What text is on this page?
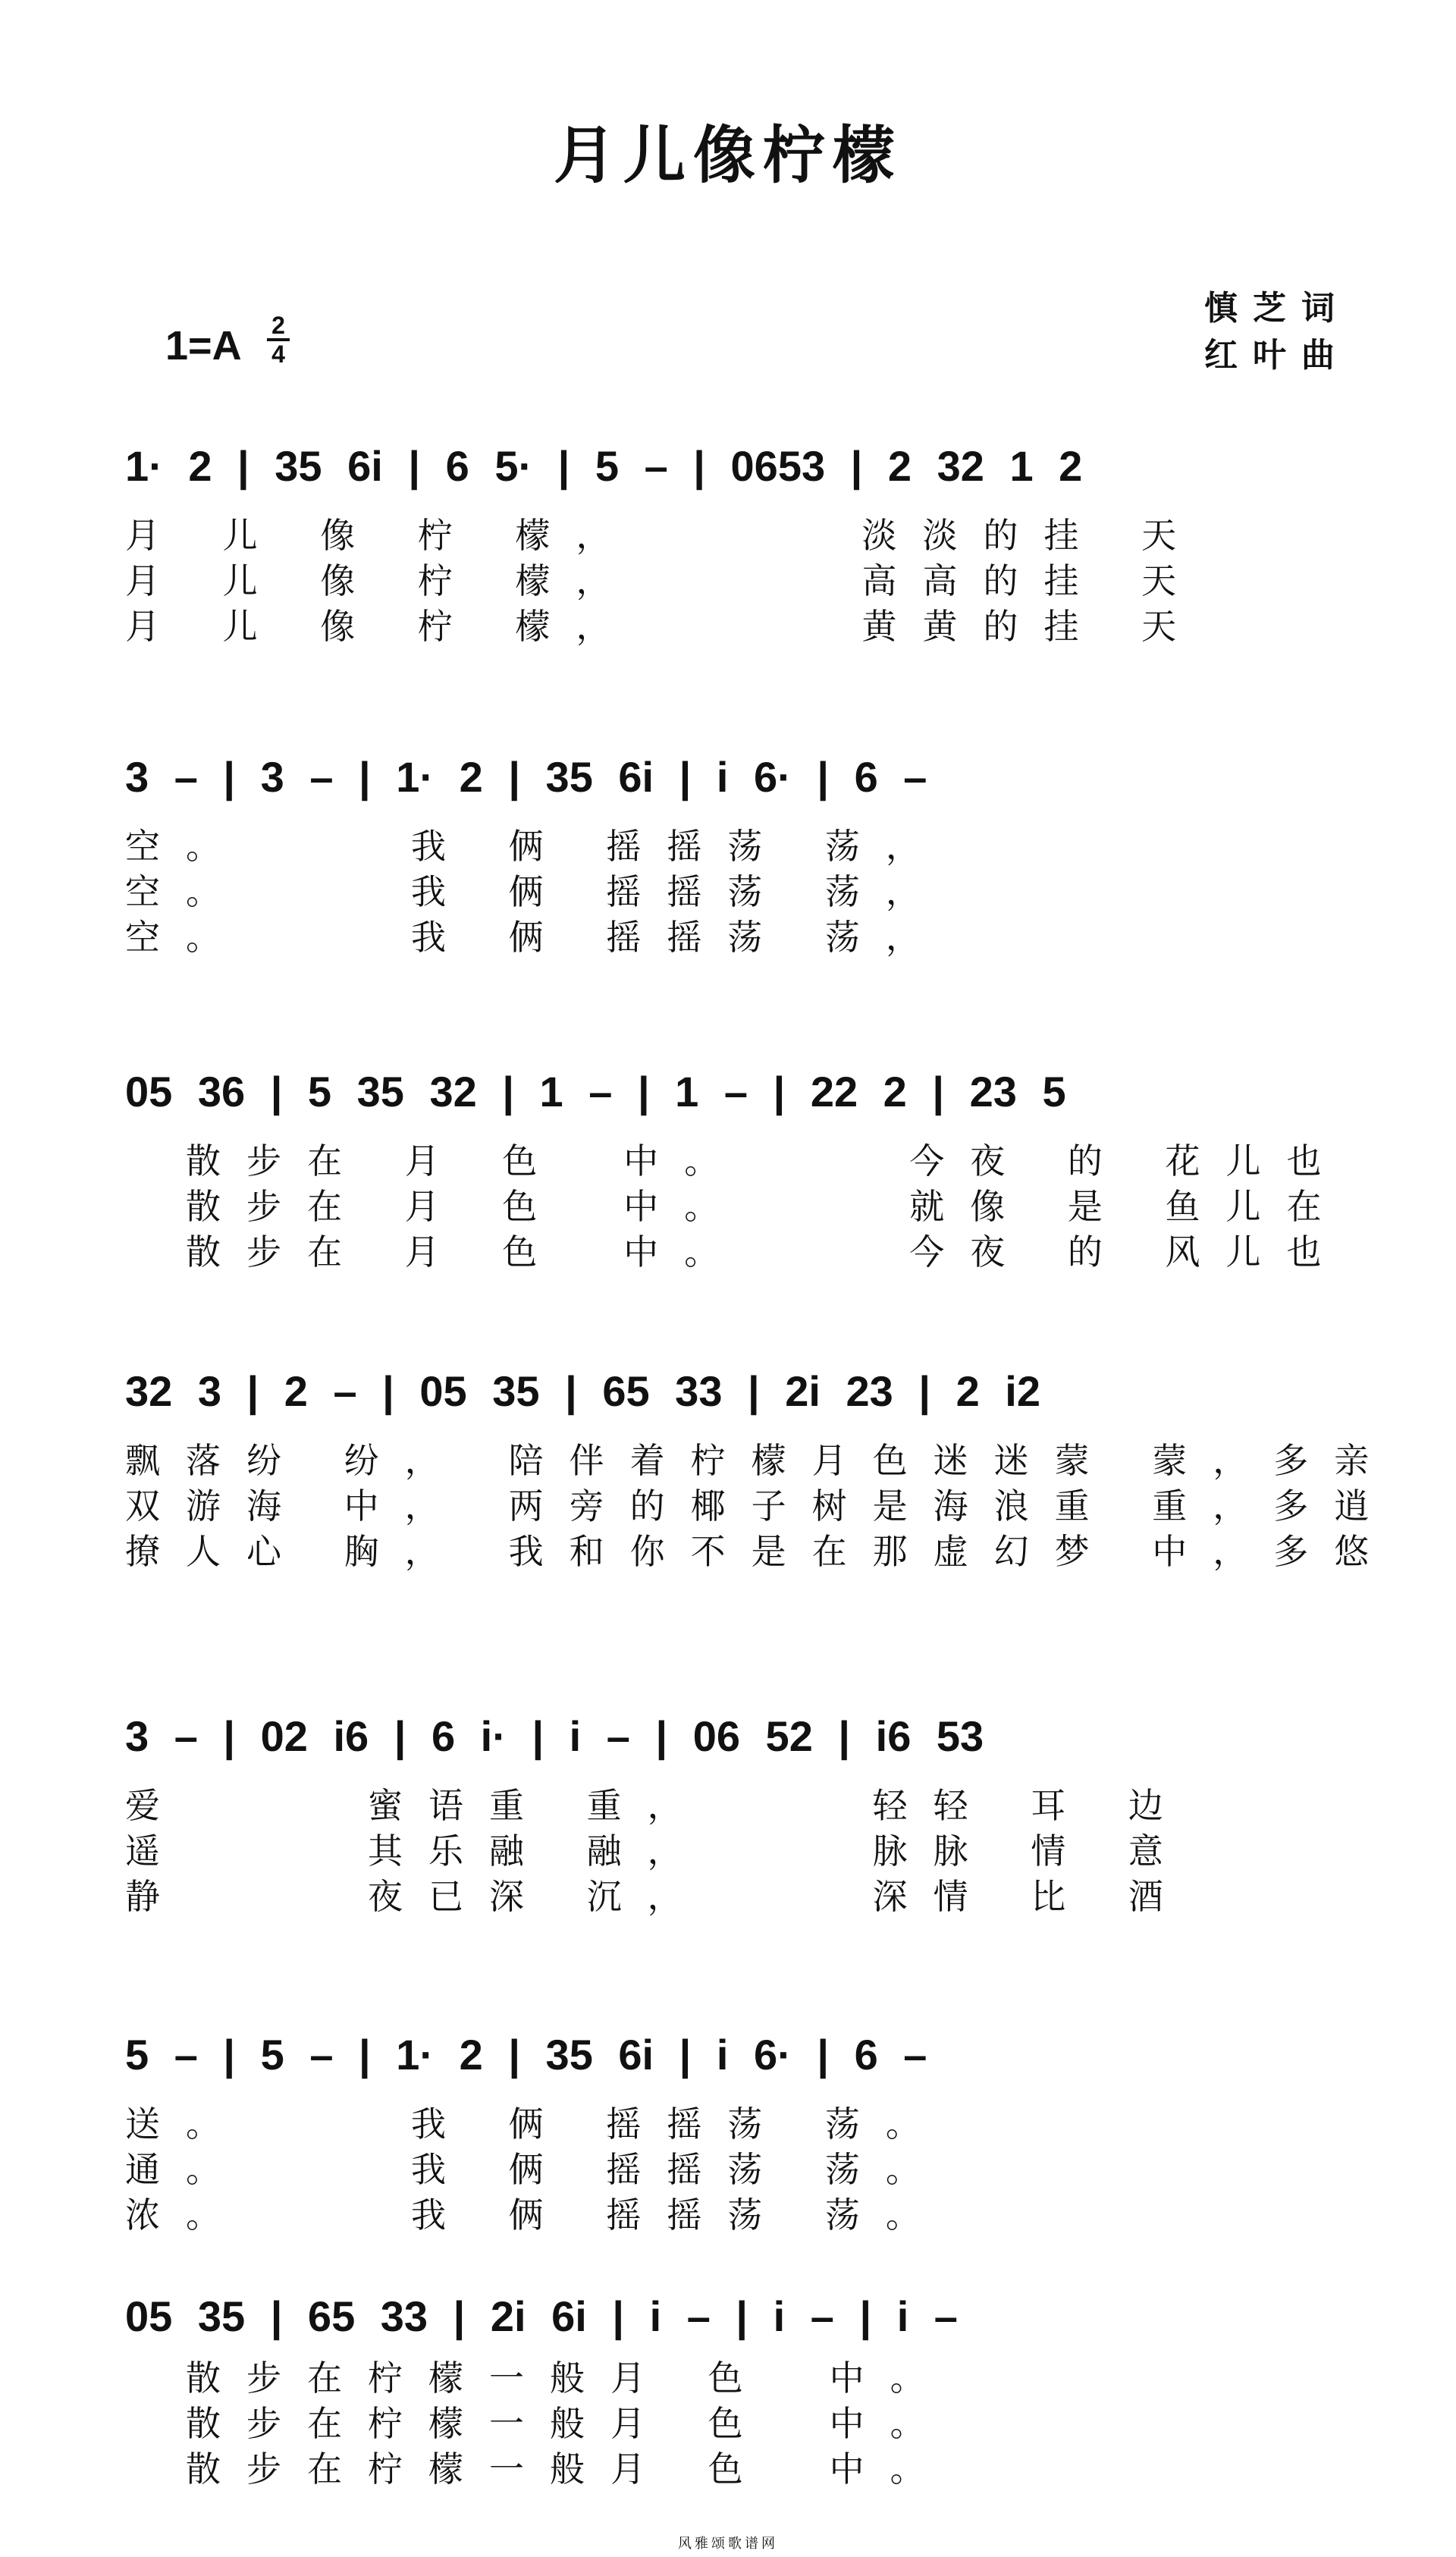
月儿像柠檬
慎芝词
红叶曲
1=A 2
4
1· 2 | 35 6i | 6 5· | 5 – | 0653 | 2 32 1 2
月 儿 像 柠 檬，　　　　淡淡的挂 天
月 儿 像 柠 檬，　　　　高高的挂 天
月 儿 像 柠 檬，　　　　黄黄的挂 天
3 – | 3 – | 1· 2 | 35 6i | i 6· | 6 –
空。　　　我 俩 摇摇荡 荡，
空。　　　我 俩 摇摇荡 荡，
空。　　　我 俩 摇摇荡 荡，
05 36 | 5 35 32 | 1 – | 1 – | 22 2 | 23 5
　散步在 月 色　中。　　　今夜 的 花儿也
　散步在 月 色　中。　　　就像 是 鱼儿在
　散步在 月 色　中。　　　今夜 的 风儿也
32 3 | 2 – | 05 35 | 65 33 | 2i 23 | 2 i2
飘落纷 纷，　陪伴着柠檬月色迷迷蒙 蒙，多亲
双游海 中，　两旁的椰子树是海浪重 重，多逍
撩人心 胸，　我和你不是在那虚幻梦 中，多悠
3 – | 02 i6 | 6 i· | i – | 06 52 | i6 53
爱　　　蜜语重 重，　　　轻轻 耳 边
遥　　　其乐融 融，　　　脉脉 情 意
静　　　夜已深 沉，　　　深情 比 酒
5 – | 5 – | 1· 2 | 35 6i | i 6· | 6 –
送。　　　我 俩 摇摇荡 荡。
通。　　　我 俩 摇摇荡 荡。
浓。　　　我 俩 摇摇荡 荡。
05 35 | 65 33 | 2i 6i | i – | i – | i –
　散步在柠檬一般月 色　中。
　散步在柠檬一般月 色　中。
　散步在柠檬一般月 色　中。
风雅颂歌谱网
